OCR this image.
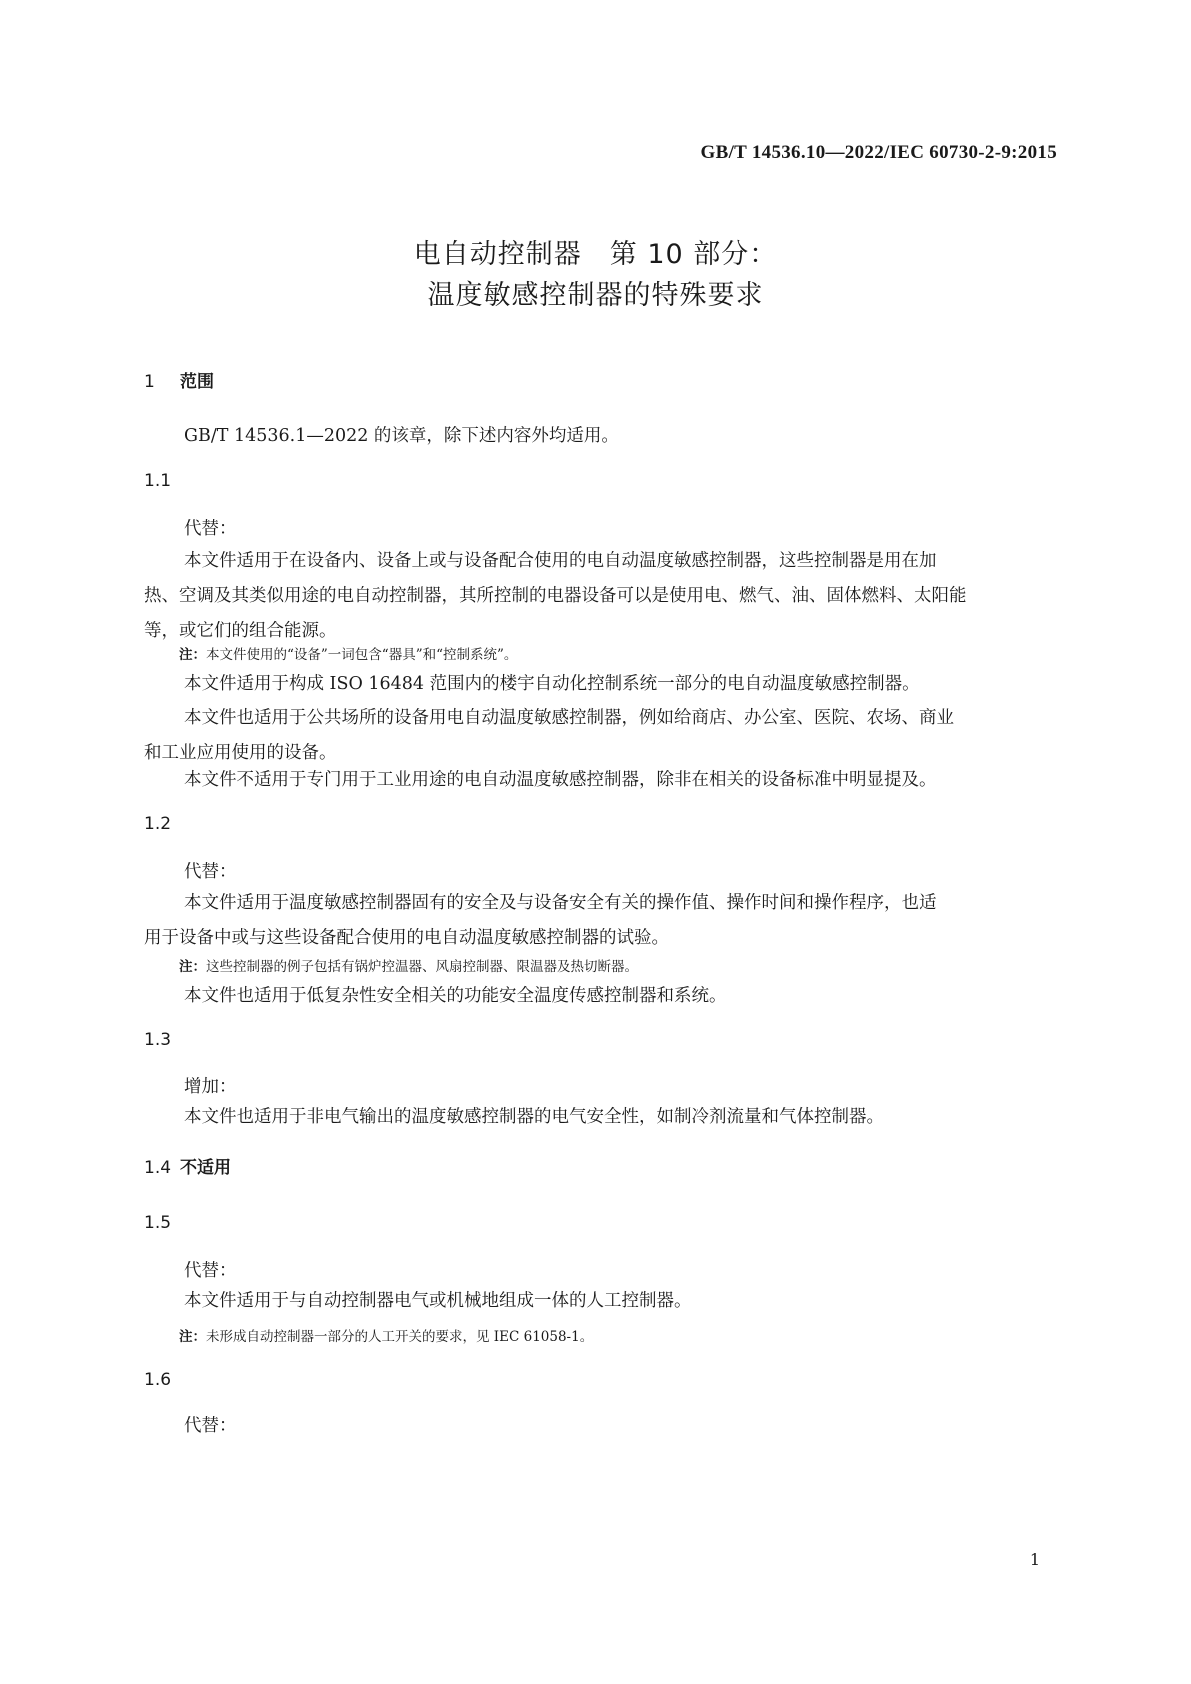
GB/T 14536.10—2022/IEC 60730-2-9:2015
电自动控制器　第 10 部分：
温度敏感控制器的特殊要求
1 范围
GB/T 14536.1—2022 的该章，除下述内容外均适用。
1.1
代替：
本文件适用于在设备内、设备上或与设备配合使用的电自动温度敏感控制器，这些控制器是用在加
热、空调及其类似用途的电自动控制器，其所控制的电器设备可以是使用电、燃气、油、固体燃料、太阳能
等，或它们的组合能源。
注：本文件使用的“设备”一词包含“器具”和“控制系统”。
本文件适用于构成 ISO 16484 范围内的楼宇自动化控制系统一部分的电自动温度敏感控制器。
本文件也适用于公共场所的设备用电自动温度敏感控制器，例如给商店、办公室、医院、农场、商业
和工业应用使用的设备。
本文件不适用于专门用于工业用途的电自动温度敏感控制器，除非在相关的设备标准中明显提及。
1.2
代替：
本文件适用于温度敏感控制器固有的安全及与设备安全有关的操作值、操作时间和操作程序，也适
用于设备中或与这些设备配合使用的电自动温度敏感控制器的试验。
注：这些控制器的例子包括有锅炉控温器、风扇控制器、限温器及热切断器。
本文件也适用于低复杂性安全相关的功能安全温度传感控制器和系统。
1.3
增加：
本文件也适用于非电气输出的温度敏感控制器的电气安全性，如制冷剂流量和气体控制器。
1.4 不适用
1.5
代替：
本文件适用于与自动控制器电气或机械地组成一体的人工控制器。
注：未形成自动控制器一部分的人工开关的要求，见 IEC 61058-1。
1.6
代替：
1
